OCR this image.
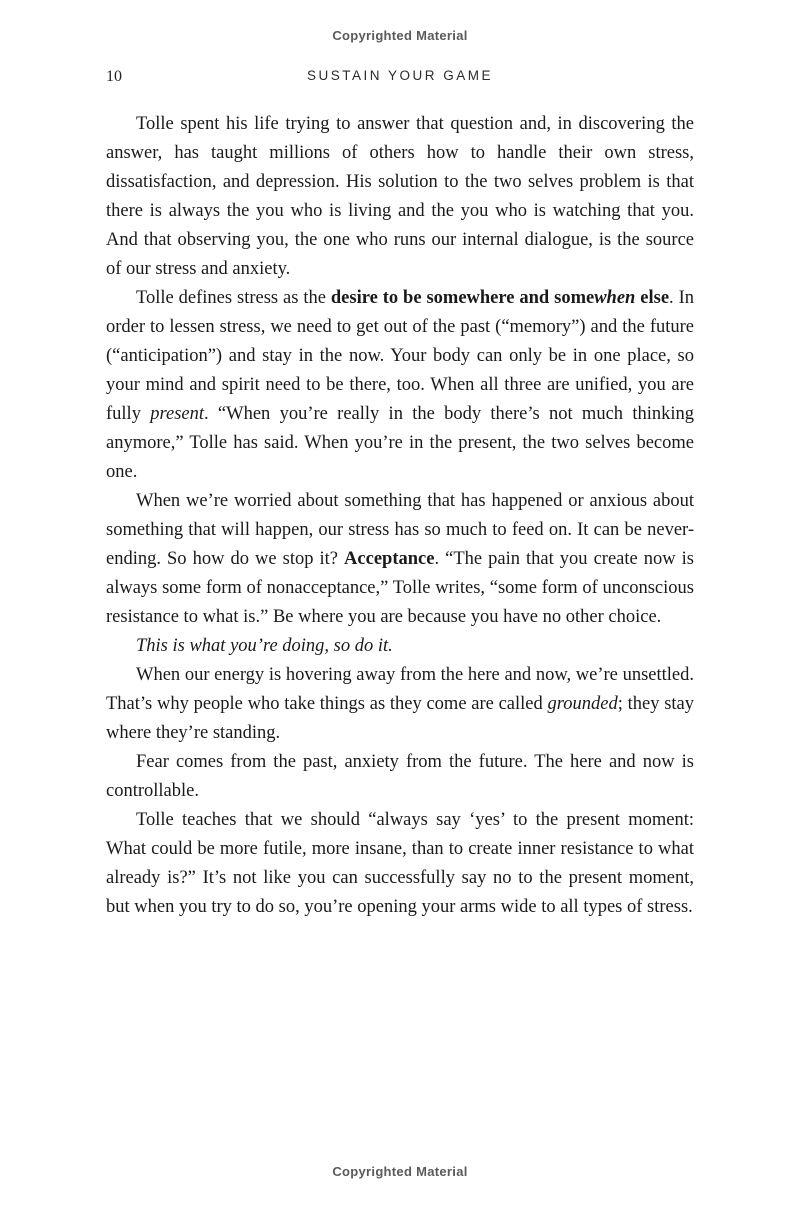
Copyrighted Material
10	SUSTAIN YOUR GAME

Tolle spent his life trying to answer that question and, in discovering the answer, has taught millions of others how to handle their own stress, dissatisfaction, and depression. His solution to the two selves problem is that there is always the you who is living and the you who is watching that you. And that observing you, the one who runs our internal dialogue, is the source of our stress and anxiety.

Tolle defines stress as the desire to be somewhere and somewhen else. In order to lessen stress, we need to get out of the past (“memory”) and the future (“anticipation”) and stay in the now. Your body can only be in one place, so your mind and spirit need to be there, too. When all three are unified, you are fully present. “When you’re really in the body there’s not much thinking anymore,” Tolle has said. When you’re in the present, the two selves become one.

When we’re worried about something that has happened or anxious about something that will happen, our stress has so much to feed on. It can be never-ending. So how do we stop it? Acceptance. “The pain that you create now is always some form of nonacceptance,” Tolle writes, “some form of unconscious resistance to what is.” Be where you are because you have no other choice.

This is what you’re doing, so do it.

When our energy is hovering away from the here and now, we’re unsettled. That’s why people who take things as they come are called grounded; they stay where they’re standing.

Fear comes from the past, anxiety from the future. The here and now is controllable.

Tolle teaches that we should “always say ‘yes’ to the present moment: What could be more futile, more insane, than to create inner resistance to what already is?” It’s not like you can successfully say no to the present moment, but when you try to do so, you’re opening your arms wide to all types of stress.

Copyrighted Material
